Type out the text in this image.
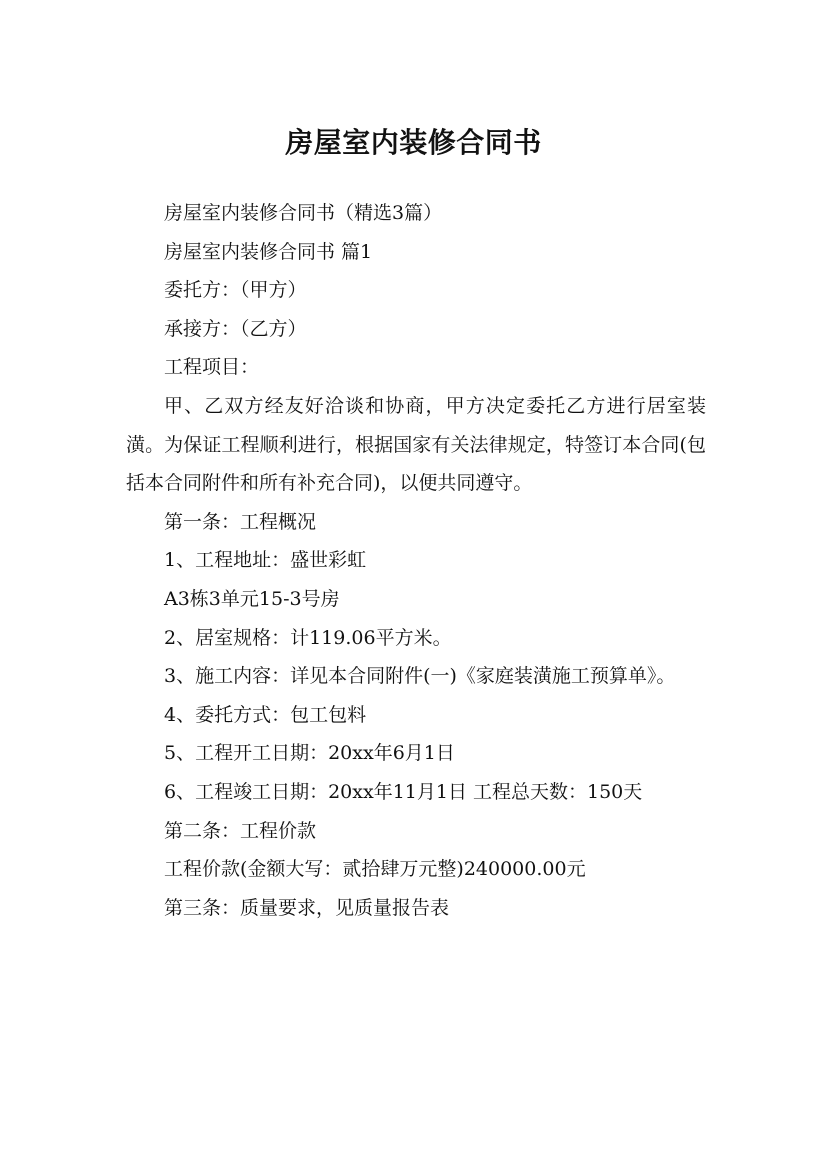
房屋室内装修合同书

房屋室内装修合同书（精选3篇）

房屋室内装修合同书 篇1

委托方：（甲方）

承接方：（乙方）

工程项目：

甲、乙双方经友好洽谈和协商，甲方决定委托乙方进行居室装潢。为保证工程顺利进行，根据国家有关法律规定，特签订本合同(包括本合同附件和所有补充合同)，以便共同遵守。

第一条：工程概况

1、工程地址：盛世彩虹

A3栋3单元15-3号房

2、居室规格：计119.06平方米。

3、施工内容：详见本合同附件(一)《家庭装潢施工预算单》。

4、委托方式：包工包料

5、工程开工日期：20xx年6月1日

6、工程竣工日期：20xx年11月1日 工程总天数：150天

第二条：工程价款

工程价款(金额大写：贰拾肆万元整)240000.00元

第三条：质量要求，见质量报告表
